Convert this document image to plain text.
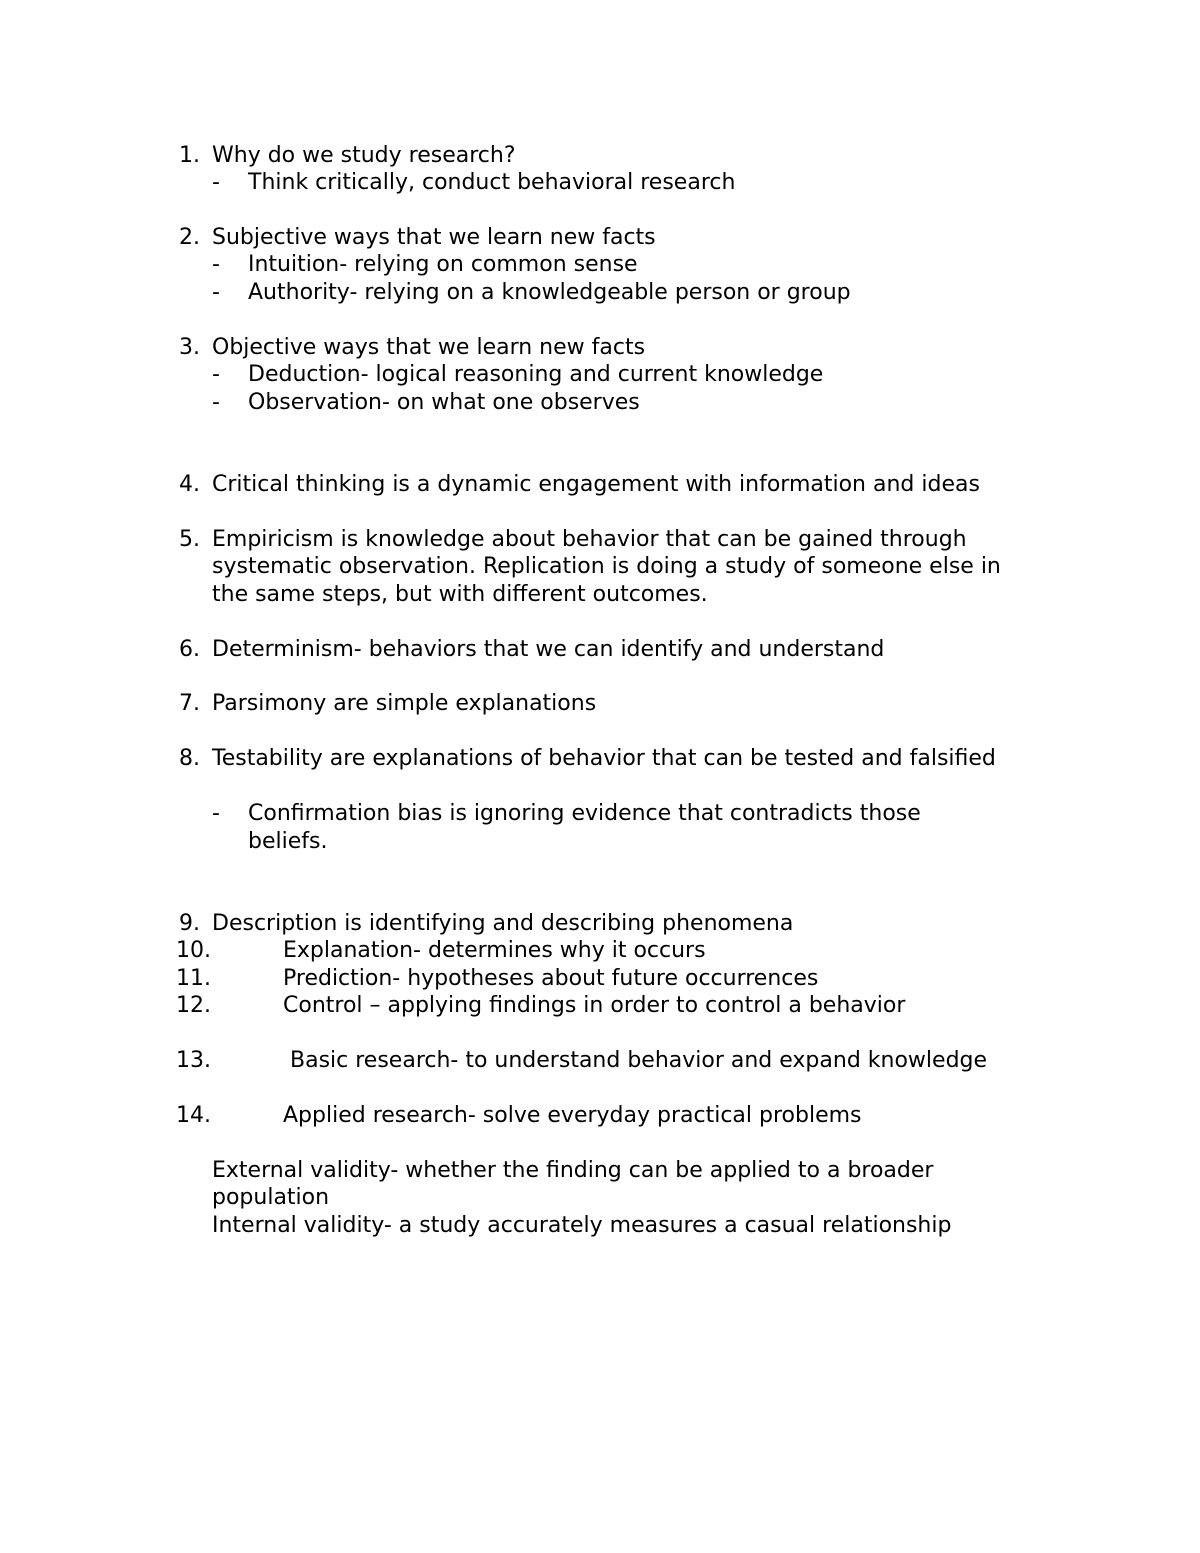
1. Why do we study research?
- Think critically, conduct behavioral research
2. Subjective ways that we learn new facts
- Intuition- relying on common sense
- Authority- relying on a knowledgeable person or group
3. Objective ways that we learn new facts
- Deduction- logical reasoning and current knowledge
- Observation- on what one observes
4. Critical thinking is a dynamic engagement with information and ideas
5. Empiricism is knowledge about behavior that can be gained through
systematic observation. Replication is doing a study of someone else in
the same steps, but with different outcomes.
6. Determinism- behaviors that we can identify and understand
7. Parsimony are simple explanations
8. Testability are explanations of behavior that can be tested and falsified
- Confirmation bias is ignoring evidence that contradicts those
beliefs.
9. Description is identifying and describing phenomena
10.	Explanation- determines why it occurs
11.	Prediction- hypotheses about future occurrences
12.	Control – applying findings in order to control a behavior
13.	Basic research- to understand behavior and expand knowledge
14.	Applied research- solve everyday practical problems
External validity- whether the finding can be applied to a broader
population
Internal validity- a study accurately measures a casual relationship
